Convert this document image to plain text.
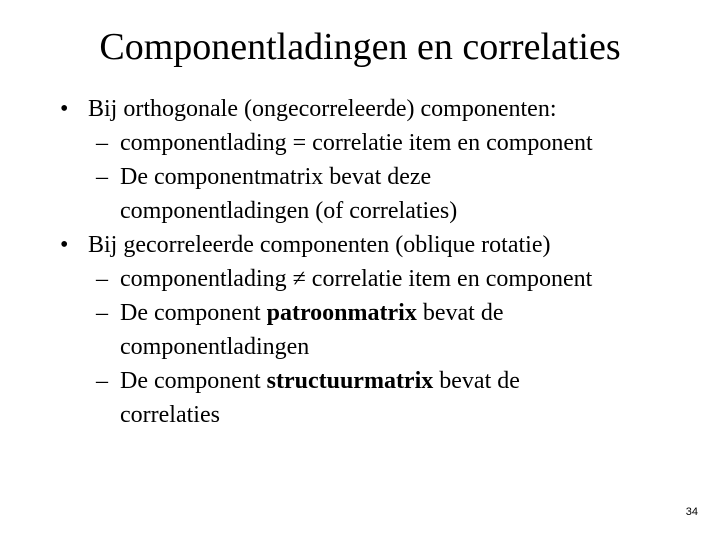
Componentladingen en correlaties
• Bij orthogonale (ongecorreleerde) componenten:
– componentlading = correlatie item en component
– De componentmatrix bevat deze
componentladingen (of correlaties)
• Bij gecorreleerde componenten (oblique rotatie)
– componentlading ≠ correlatie item en component
– De component patroonmatrix bevat de
componentladingen
– De component structuurmatrix bevat de
correlaties
34
